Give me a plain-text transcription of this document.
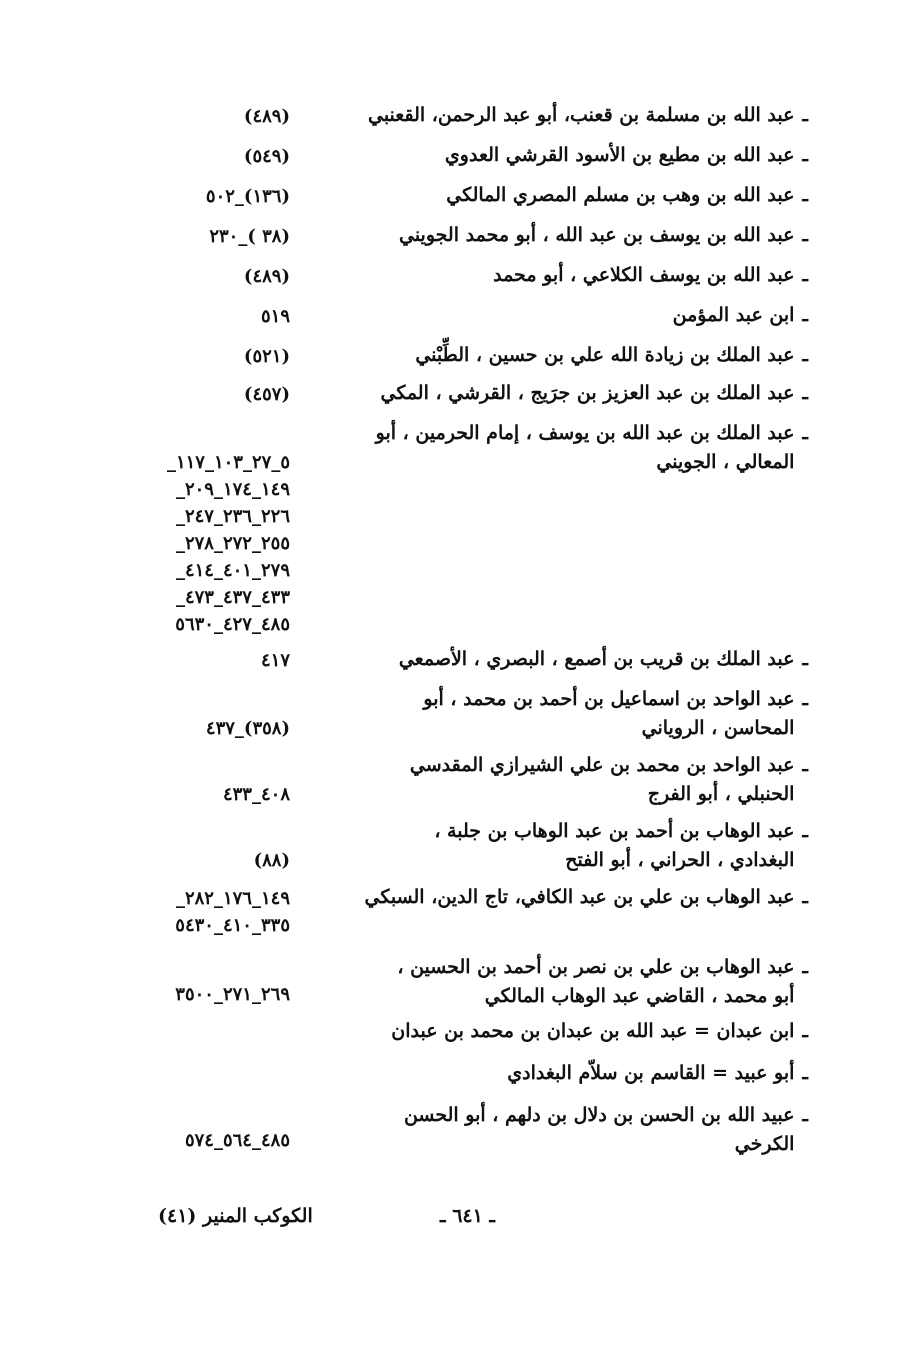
ـعبد الله بن مسلمة بن قعنب، أبو عبد الرحمن، القعنبي
(٤٨٩)
ـعبد الله بن مطيع بن الأسود القرشي العدوي
(٥٤٩)
ـعبد الله بن وهب بن مسلم المصري المالكي
(١٣٦)_٥٠٢
ـعبد الله بن يوسف بن عبد الله ، أبو محمد الجويني
(٣٨ )_٢٣٠
ـعبد الله بن يوسف الكلاعي ، أبو محمد
(٤٨٩)
ـابن عبد المؤمن
٥١٩
ـعبد الملك بن زيادة الله علي بن حسين ، الطِّبْني
(٥٢١)
ـعبد الملك بن عبد العزيز بن جرَيج ، القرشي ، المكي
(٤٥٧)
ـعبد الملك بن عبد الله بن يوسف ، إمام الحرمين ، أبو
المعالي ، الجويني
٥_٢٧_١٠٣_١١٧_
١٤٩_١٧٤_٢٠٩_
٢٢٦_٢٣٦_٢٤٧_
٢٥٥_٢٧٢_٢٧٨_
٢٧٩_٤٠١_٤١٤_
٤٣٣_٤٣٧_٤٧٣_
٤٨٥_٤٢٧_٥٦٣٠
ـعبد الملك بن قريب بن أصمع ، البصري ، الأصمعي
٤١٧
ـعبد الواحد بن اسماعيل بن أحمد بن محمد ، أبو
المحاسن ، الروياني
(٣٥٨)_٤٣٧
ـعبد الواحد بن محمد بن علي الشيرازي المقدسي
الحنبلي ، أبو الفرج
٤٠٨_٤٣٣
ـعبد الوهاب بن أحمد بن عبد الوهاب بن جلبة ،
البغدادي ، الحراني ، أبو الفتح
(٨٨)
ـعبد الوهاب بن علي بن عبد الكافي، تاج الدين، السبكي
١٤٩_١٧٦_٢٨٢_
٣٣٥_٤١٠_٥٤٣٠
ـعبد الوهاب بن علي بن نصر بن أحمد بن الحسين ،
أبو محمد ، القاضي عبد الوهاب المالكي
٢٦٩_٢٧١_٣٥٠٠
ـابن عبدان = عبد الله بن عبدان بن محمد بن عبدان
ـأبو عبيد = القاسم بن سلاّم البغدادي
ـعبيد الله بن الحسن بن دلال بن دلهم ، أبو الحسن
الكرخي
٤٨٥_٥٦٤_٥٧٤
الكوكب المنير (٤١)	ـ ٦٤١ ـ
